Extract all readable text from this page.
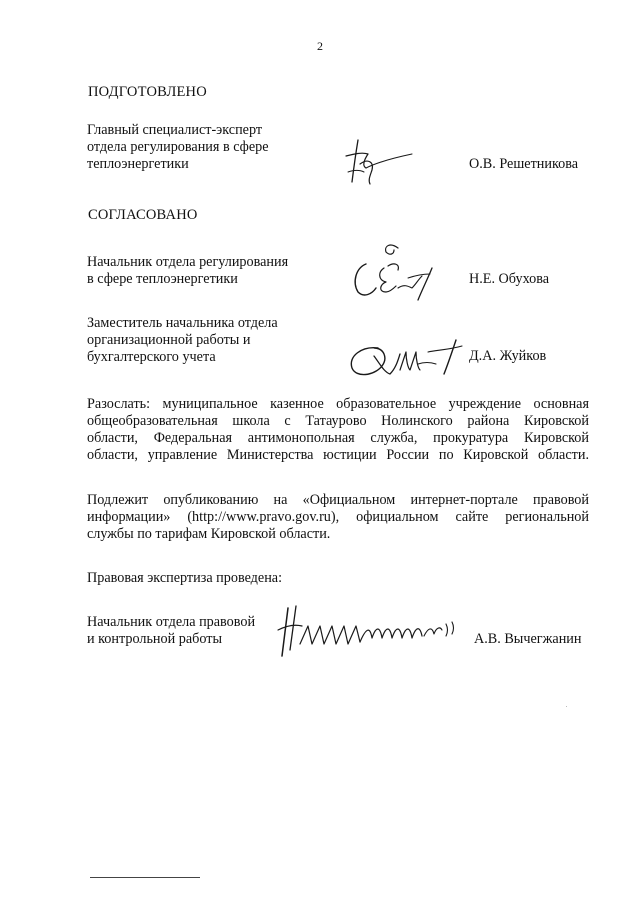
2
ПОДГОТОВЛЕНО
Главный специалист-эксперт
отдела регулирования в сфере
теплоэнергетики	О.В. Решетникова
СОГЛАСОВАНО
Начальник отдела регулирования
в сфере теплоэнергетики	Н.Е. Обухова
Заместитель начальника отдела
организационной работы и
бухгалтерского учета	Д.А. Жуйков
Разослать: муниципальное казенное образовательное учреждение основная
общеобразовательная школа с Татаурово Нолинского района Кировской
области, Федеральная антимонопольная служба, прокуратура Кировской
области, управление Министерства юстиции России по Кировской области.
Подлежит опубликованию на «Официальном интернет-портале правовой
информации» (http://www.pravo.gov.ru), официальном сайте региональной
службы по тарифам Кировской области.
Правовая экспертиза проведена:
Начальник отдела правовой
и контрольной работы	А.В. Вычегжанин
